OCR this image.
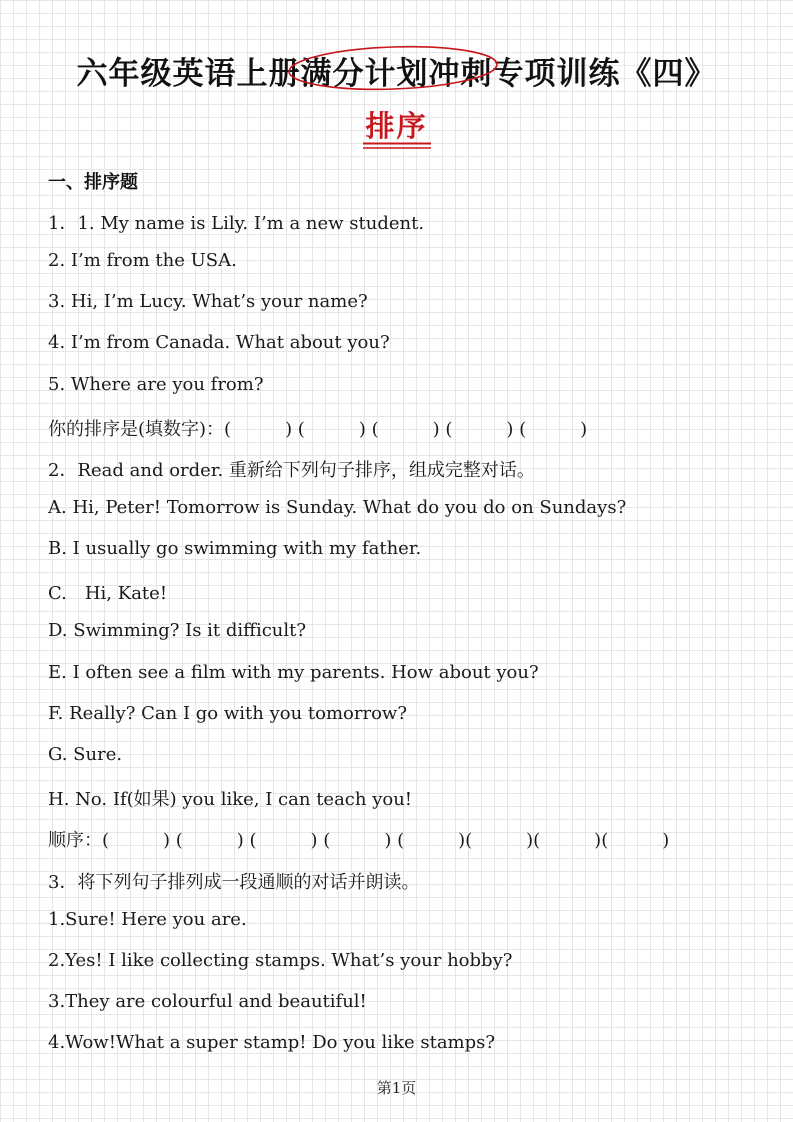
六年级英语上册满分计划冲刺专项训练《四》
排序
一、排序题
1．1. My name is Lily. I’m a new student.
2. I’m from the USA.
3. Hi, I’m Lucy. What’s your name?
4. I’m from Canada. What about you?
5. Where are you from?
你的排序是(填数字)：(　　　) (　　　) (　　　) (　　　) (　　　)
2．Read and order. 重新给下列句子排序，组成完整对话。
A. Hi, Peter! Tomorrow is Sunday. What do you do on Sundays?
B. I usually go swimming with my father.
C.　Hi, Kate!
D. Swimming? Is it difficult?
E. I often see a film with my parents. How about you?
F. Really? Can I go with you tomorrow?
G. Sure.
H. No. If(如果) you like, I can teach you!
顺序：(　　　) (　　　) (　　　) (　　　) (　　　)(　　　)(　　　)(　　　)
3．将下列句子排列成一段通顺的对话并朗读。
1.Sure! Here you are.
2.Yes! I like collecting stamps. What’s your hobby?
3.They are colourful and beautiful!
4.Wow!What a super stamp! Do you like stamps?
第1页
